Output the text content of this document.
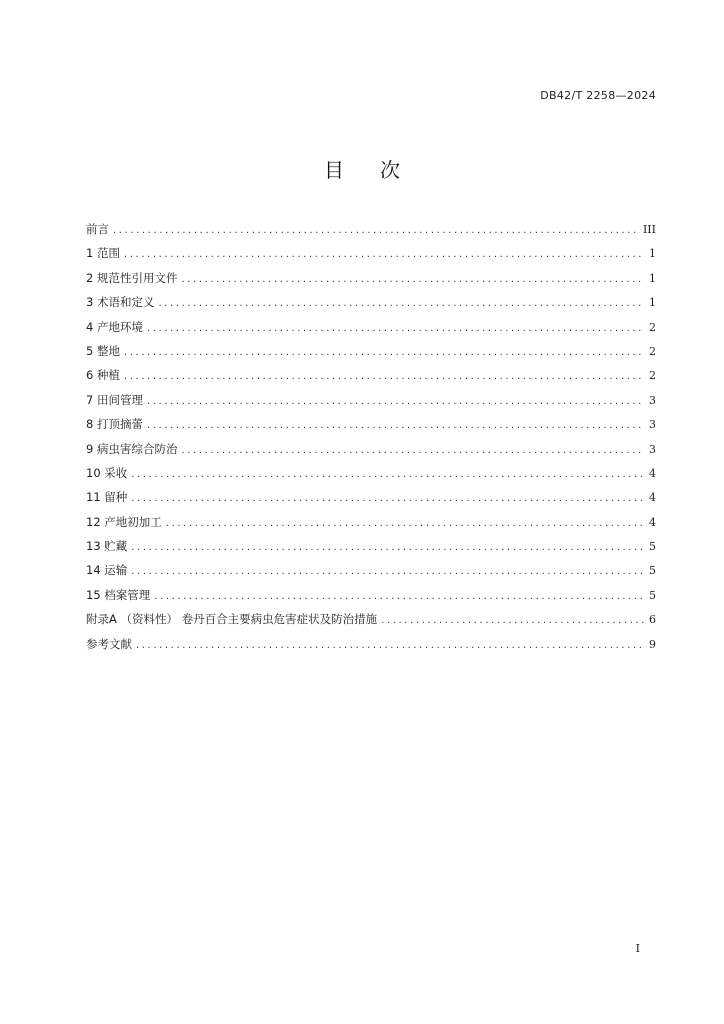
DB42/T 2258—2024
目 次
前言 .....	III
1 范围 .....	1
2 规范性引用文件 .....	1
3 术语和定义 .....	1
4 产地环境 .....	2
5 整地 .....	2
6 种植 .....	2
7 田间管理 .....	3
8 打顶摘蕾 .....	3
9 病虫害综合防治 .....	3
10 采收 .....	4
11 留种 .....	4
12 产地初加工 .....	4
13 贮藏 .....	5
14 运输 .....	5
15 档案管理 .....	5
附录A （资料性） 卷丹百合主要病虫危害症状及防治措施 .....	6
参考文献 .....	9
I
